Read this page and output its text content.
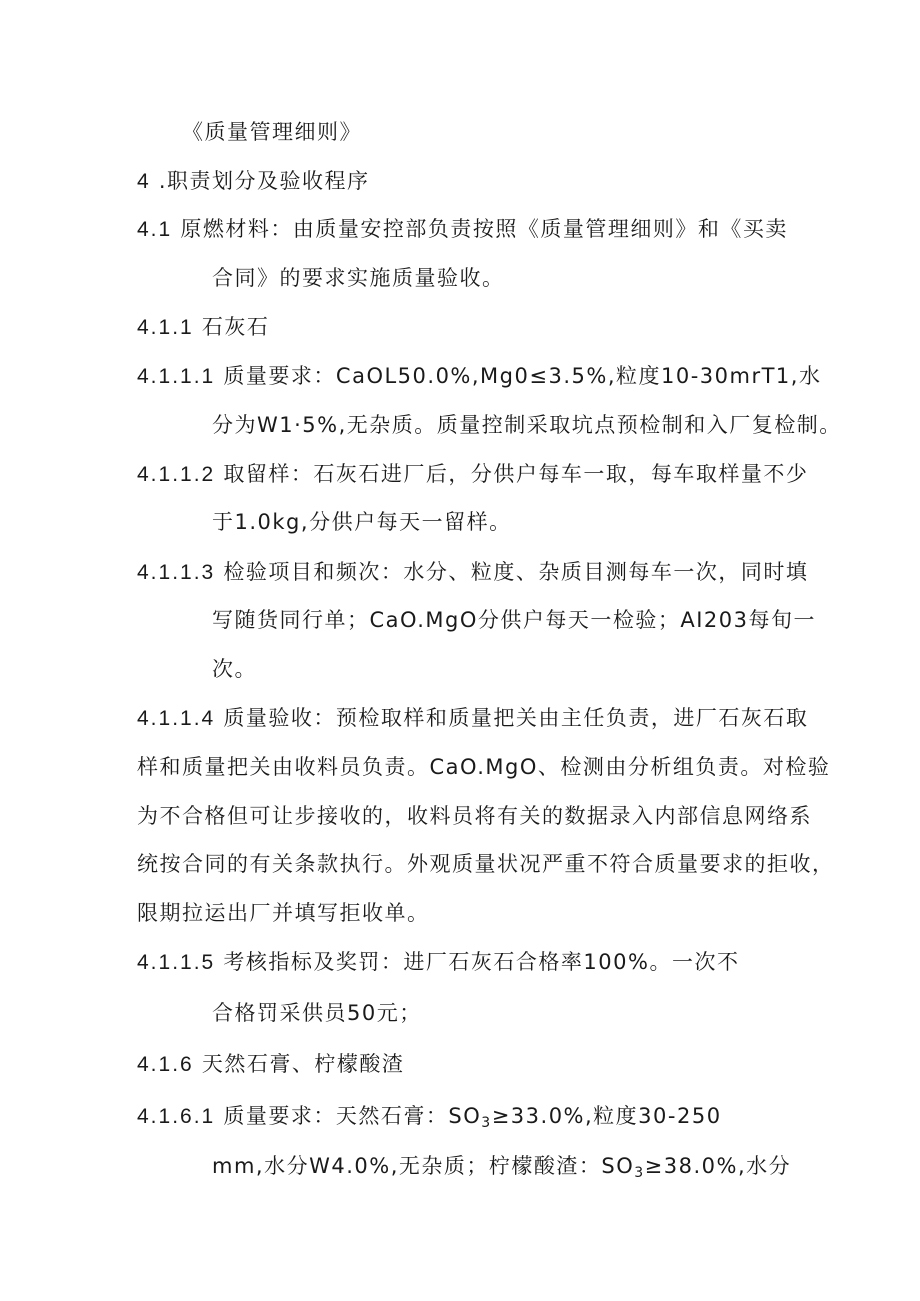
《质量管理细则》
4 .职责划分及验收程序
4.1 原燃材料：由质量安控部负责按照《质量管理细则》和《买卖
合同》的要求实施质量验收。
4.1.1 石灰石
4.1.1.1 质量要求：CaOL50.0%,Mg0≤3.5%,粒度10-30mrT1,水
分为W1·5%,无杂质。质量控制采取坑点预检制和入厂复检制。
4.1.1.2 取留样：石灰石进厂后，分供户每车一取，每车取样量不少
于1.0kg,分供户每天一留样。
4.1.1.3 检验项目和频次：水分、粒度、杂质目测每车一次，同时填
写随货同行单；CaO.MgO分供户每天一检验；AI203每旬一
次。
4.1.1.4 质量验收：预检取样和质量把关由主任负责，进厂石灰石取
样和质量把关由收料员负责。CaO.MgO、检测由分析组负责。对检验
为不合格但可让步接收的，收料员将有关的数据录入内部信息网络系
统按合同的有关条款执行。外观质量状况严重不符合质量要求的拒收，
限期拉运出厂并填写拒收单。
4.1.1.5 考核指标及奖罚：进厂石灰石合格率100%。一次不
合格罚采供员50元；
4.1.6 天然石膏、柠檬酸渣
4.1.6.1 质量要求：天然石膏：$SO_3\ge 33.0\%$,粒度30-250
mm,水分W4.0%,无杂质；柠檬酸渣：$SO_3\ge 38.0\%$,水分
